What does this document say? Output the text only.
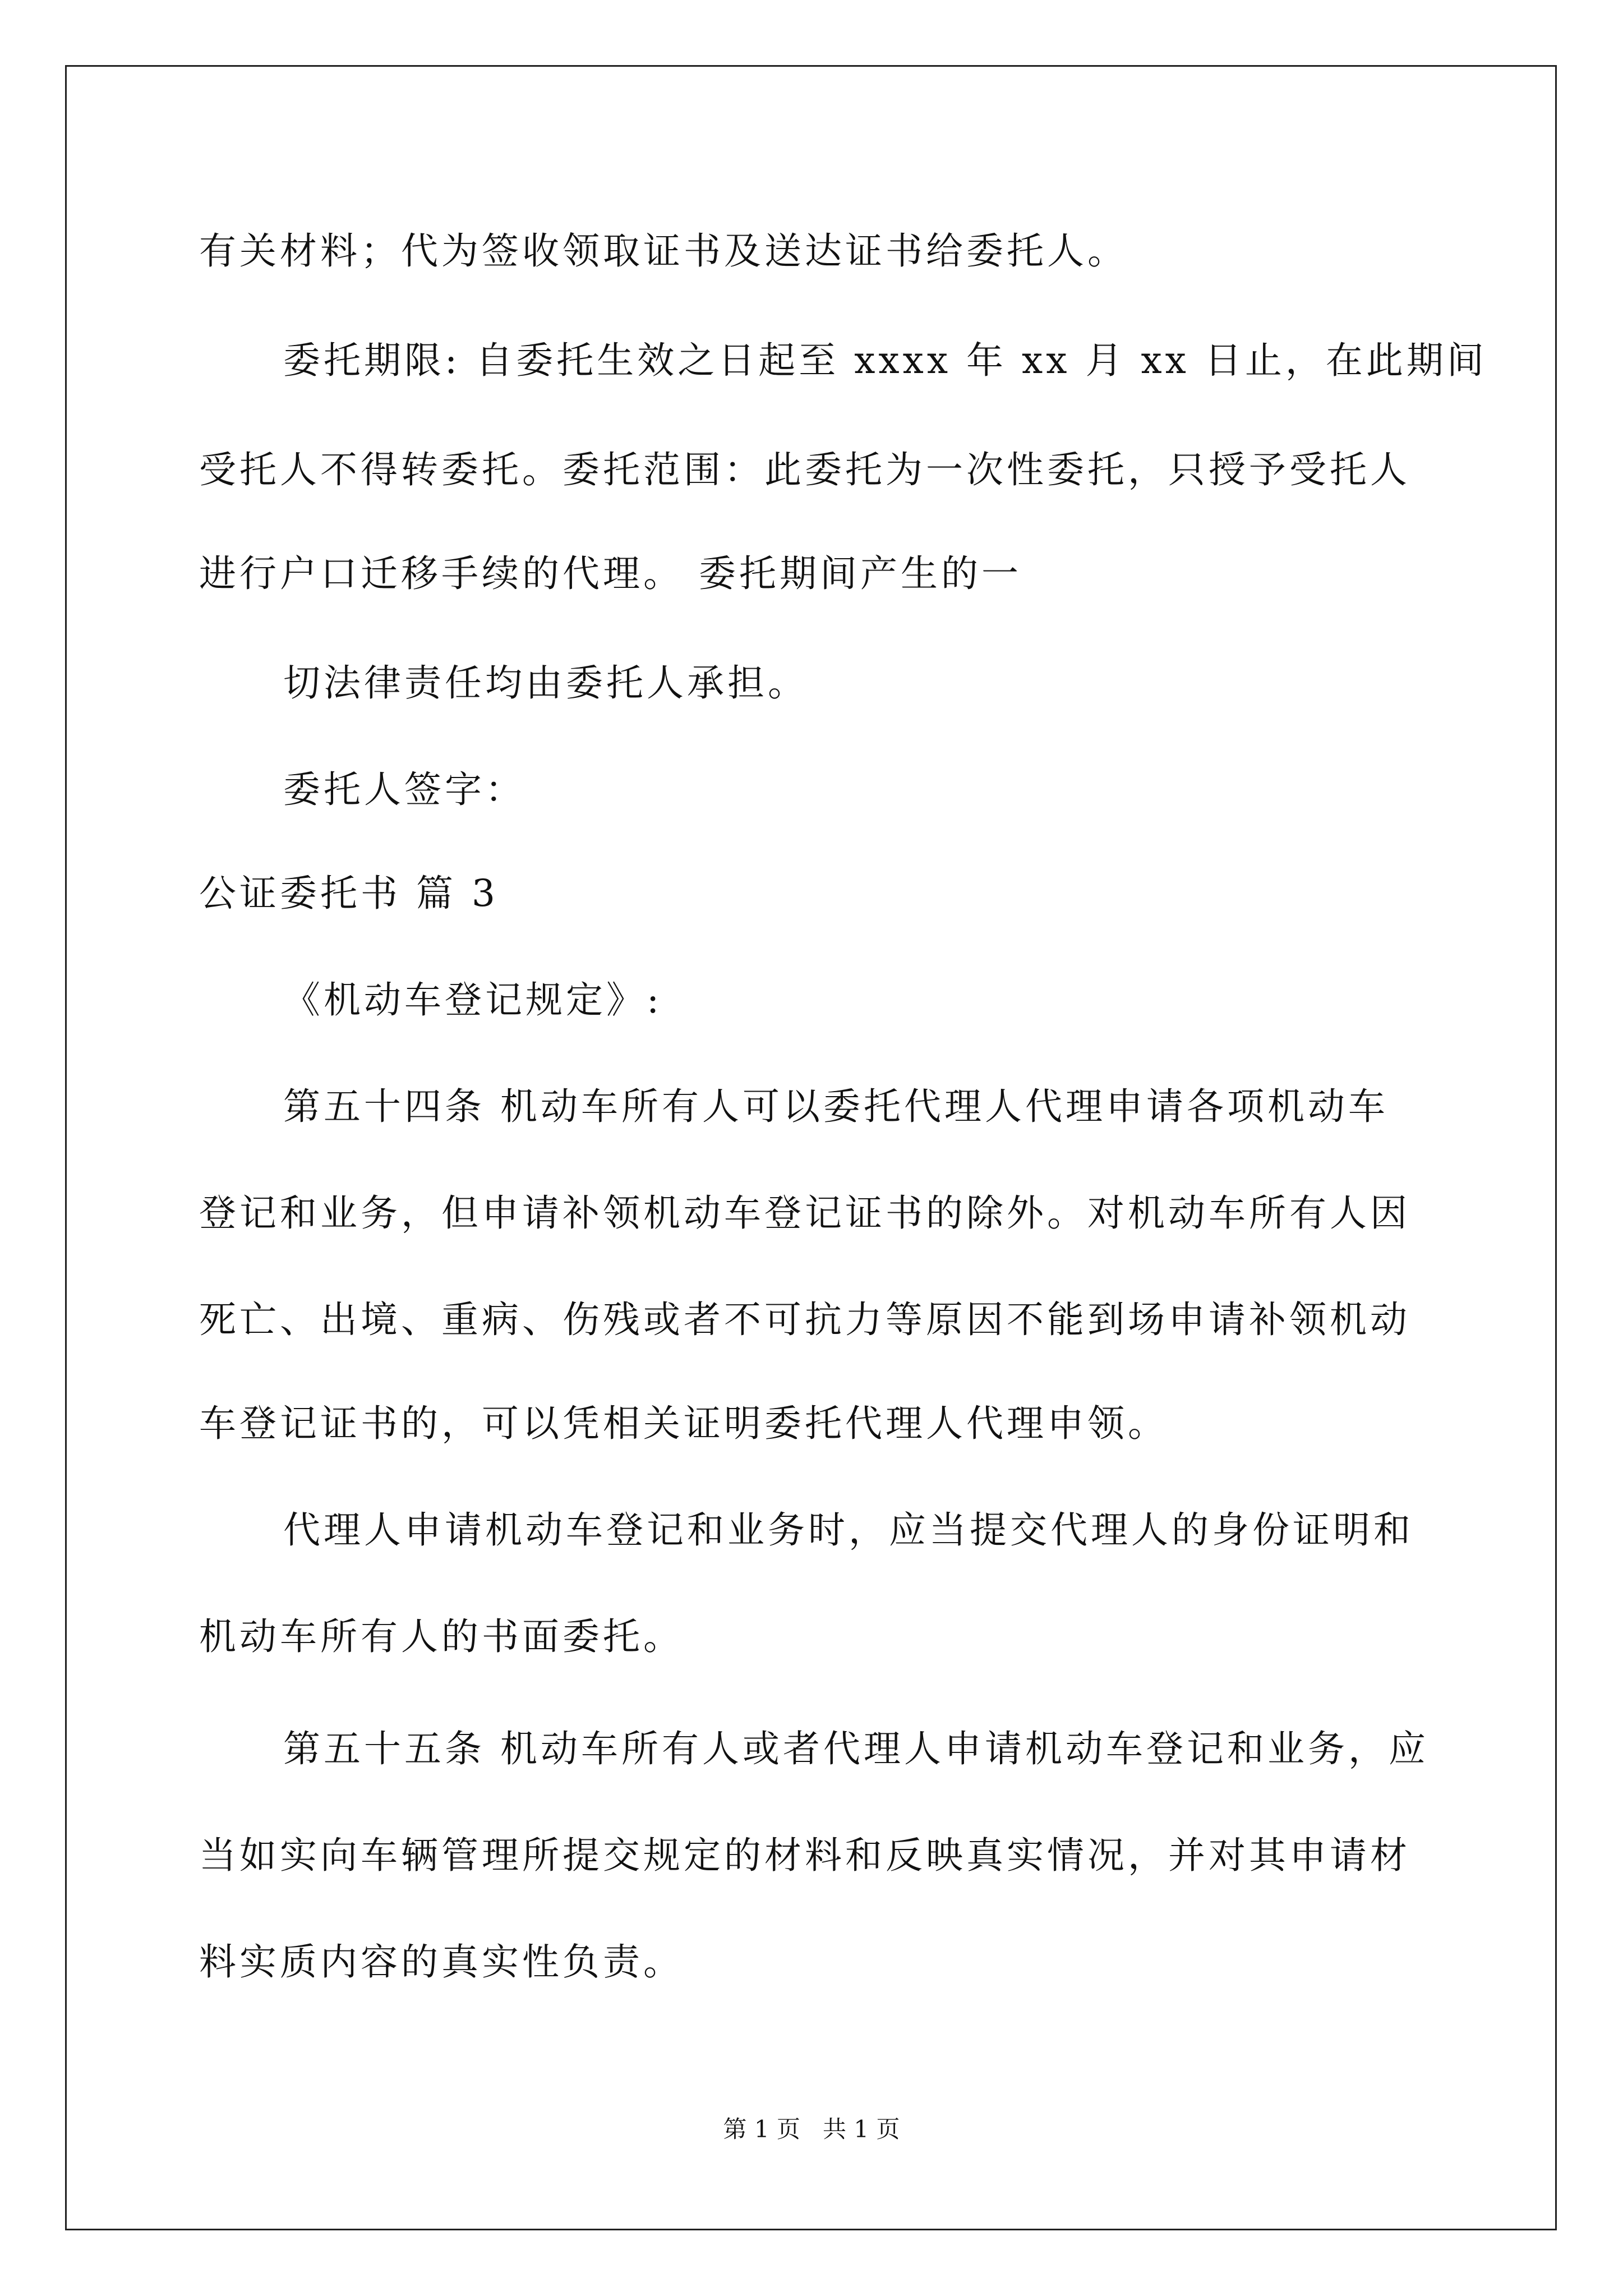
有关材料；代为签收领取证书及送达证书给委托人。
委托期限: 自委托生效之日起至 xxxx 年 xx 月 xx 日止，在此期间
受托人不得转委托。委托范围：此委托为一次性委托，只授予受托人
进行户口迁移手续的代理。 委托期间产生的一
切法律责任均由委托人承担。
委托人签字：
公证委托书 篇 3
《机动车登记规定》:
第五十四条 机动车所有人可以委托代理人代理申请各项机动车
登记和业务，但申请补领机动车登记证书的除外。对机动车所有人因
死亡、出境、重病、伤残或者不可抗力等原因不能到场申请补领机动
车登记证书的，可以凭相关证明委托代理人代理申领。
代理人申请机动车登记和业务时，应当提交代理人的身份证明和
机动车所有人的书面委托。
第五十五条 机动车所有人或者代理人申请机动车登记和业务，应
当如实向车辆管理所提交规定的材料和反映真实情况，并对其申请材
料实质内容的真实性负责。
第 1 页   共 1 页
